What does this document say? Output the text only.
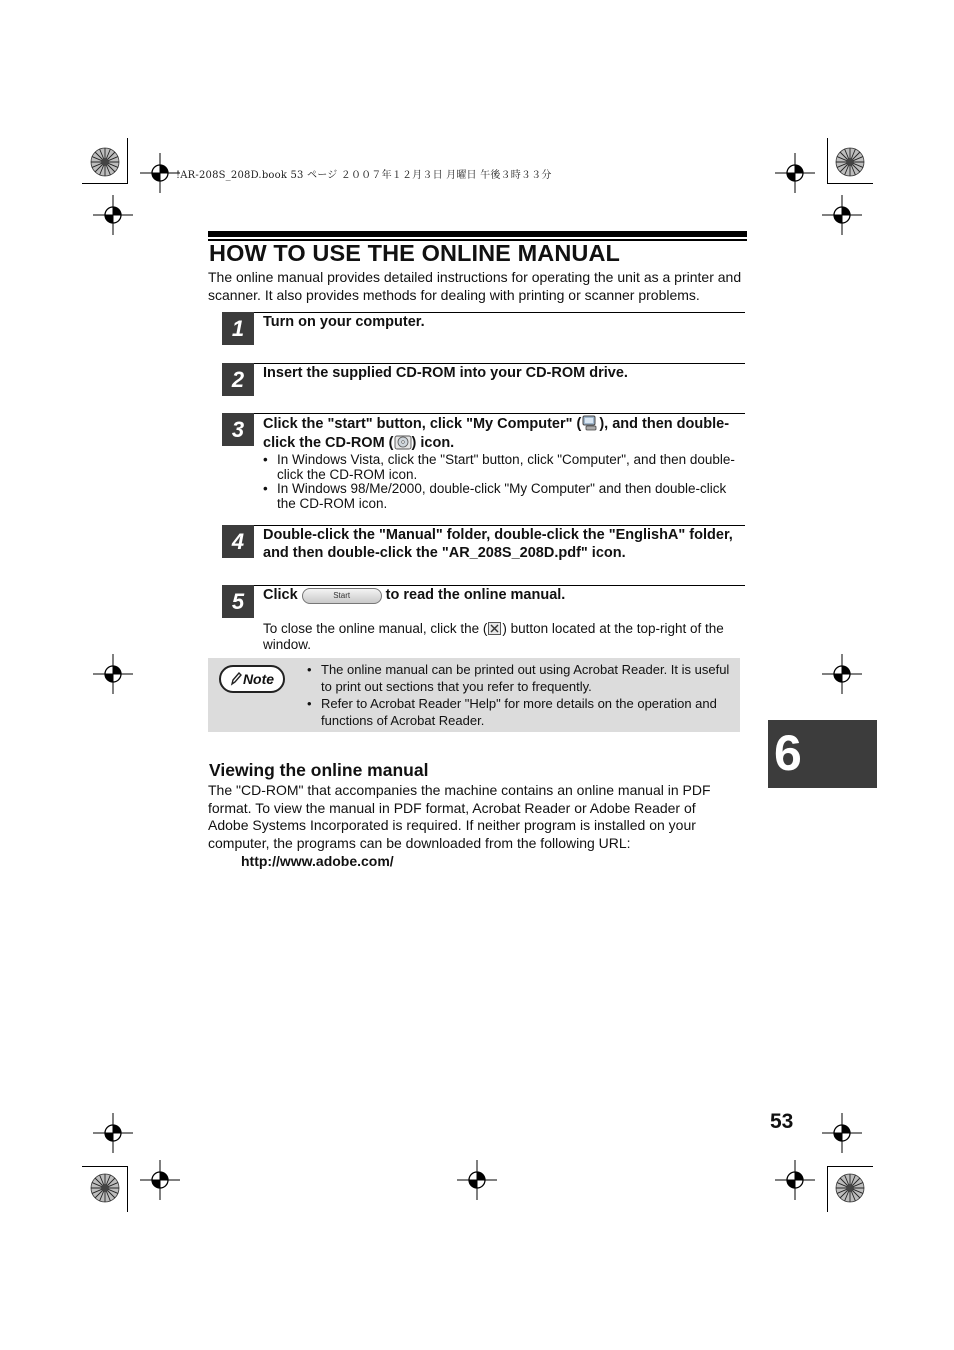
!AR-208S_208D.book 53 ページ ２００７年１２月３日 月曜日 午後３時３３分
HOW TO USE THE ONLINE MANUAL
The online manual provides detailed instructions for operating the unit as a printer and scanner. It also provides methods for dealing with printing or scanner problems.
1	Turn on your computer.
2	Insert the supplied CD-ROM into your CD-ROM drive.
3	Click the "start" button, click "My Computer" ( ), and then double-click the CD-ROM ( ) icon.
• In Windows Vista, click the "Start" button, click "Computer", and then double-click the CD-ROM icon.
• In Windows 98/Me/2000, double-click "My Computer" and then double-click the CD-ROM icon.
4	Double-click the "Manual" folder, double-click the "EnglishA" folder, and then double-click the "AR_208S_208D.pdf" icon.
5	Click	Start to read the online manual.
To close the online manual, click the ( ) button located at the top-right of the window.
Note
• The online manual can be printed out using Acrobat Reader. It is useful to print out sections that you refer to frequently.
• Refer to Acrobat Reader "Help" for more details on the operation and functions of Acrobat Reader.
Viewing the online manual
The "CD-ROM" that accompanies the machine contains an online manual in PDF format. To view the manual in PDF format, Acrobat Reader or Adobe Reader of Adobe Systems Incorporated is required. If neither program is installed on your computer, the programs can be downloaded from the following URL:
http://www.adobe.com/
6
53
